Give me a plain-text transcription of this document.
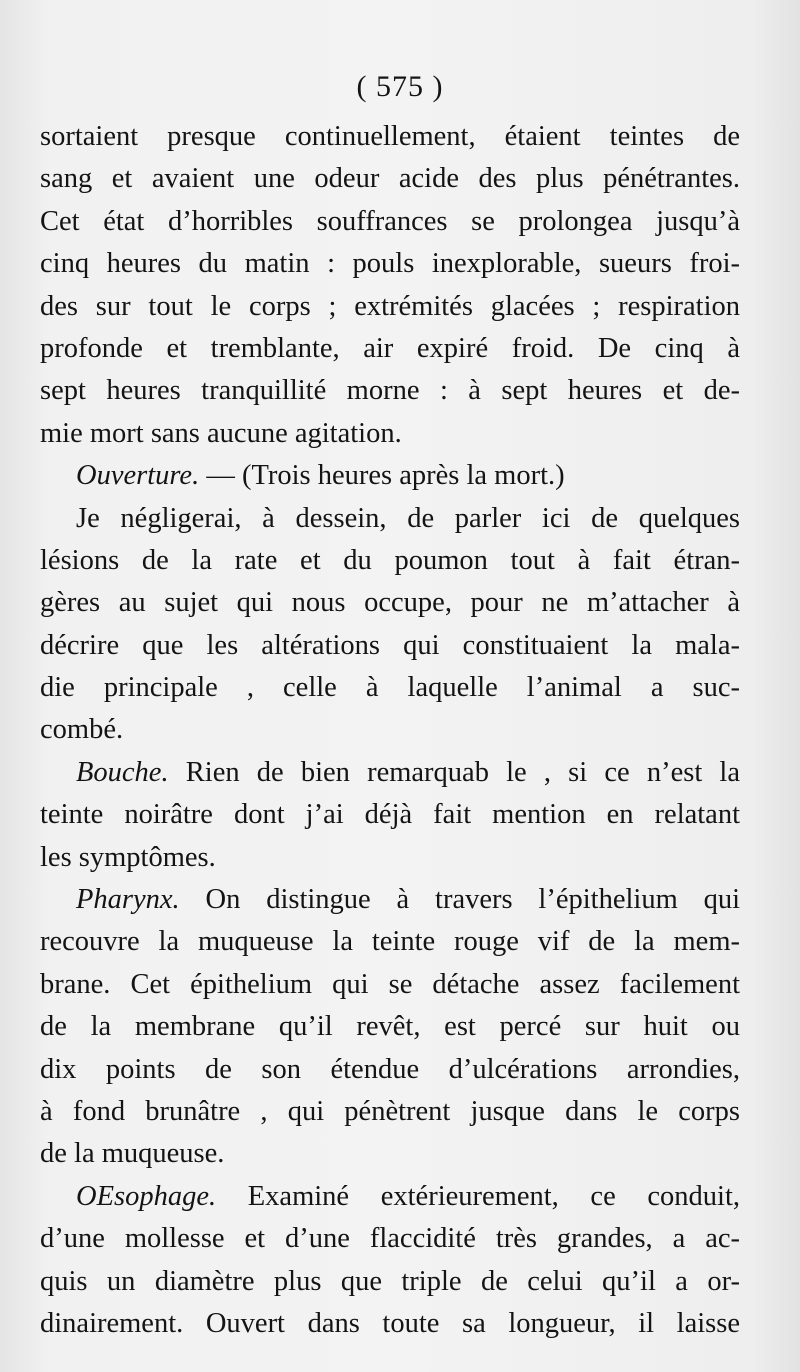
( 575 )
sortaient presque continuellement, étaient teintes de
sang et avaient une odeur acide des plus pénétrantes.
Cet état d’horribles souffrances se prolongea jusqu’à
cinq heures du matin : pouls inexplorable, sueurs froi-
des sur tout le corps ; extrémités glacées ; respiration
profonde et tremblante, air expiré froid. De cinq à
sept heures tranquillité morne : à sept heures et de-
mie mort sans aucune agitation.
Ouverture. — (Trois heures après la mort.)
Je négligerai, à dessein, de parler ici de quelques
lésions de la rate et du poumon tout à fait étran-
gères au sujet qui nous occupe, pour ne m’attacher à
décrire que les altérations qui constituaient la mala-
die principale , celle à laquelle l’animal a suc-
combé.
Bouche. Rien de bien remarquab le , si ce n’est la
teinte noirâtre dont j’ai déjà fait mention en relatant
les symptômes.
Pharynx. On distingue à travers l’épithelium qui
recouvre la muqueuse la teinte rouge vif de la mem-
brane. Cet épithelium qui se détache assez facilement
de la membrane qu’il revêt, est percé sur huit ou
dix points de son étendue d’ulcérations arrondies,
à fond brunâtre , qui pénètrent jusque dans le corps
de la muqueuse.
OEsophage. Examiné extérieurement, ce conduit,
d’une mollesse et d’une flaccidité très grandes, a ac-
quis un diamètre plus que triple de celui qu’il a or-
dinairement. Ouvert dans toute sa longueur, il laisse
